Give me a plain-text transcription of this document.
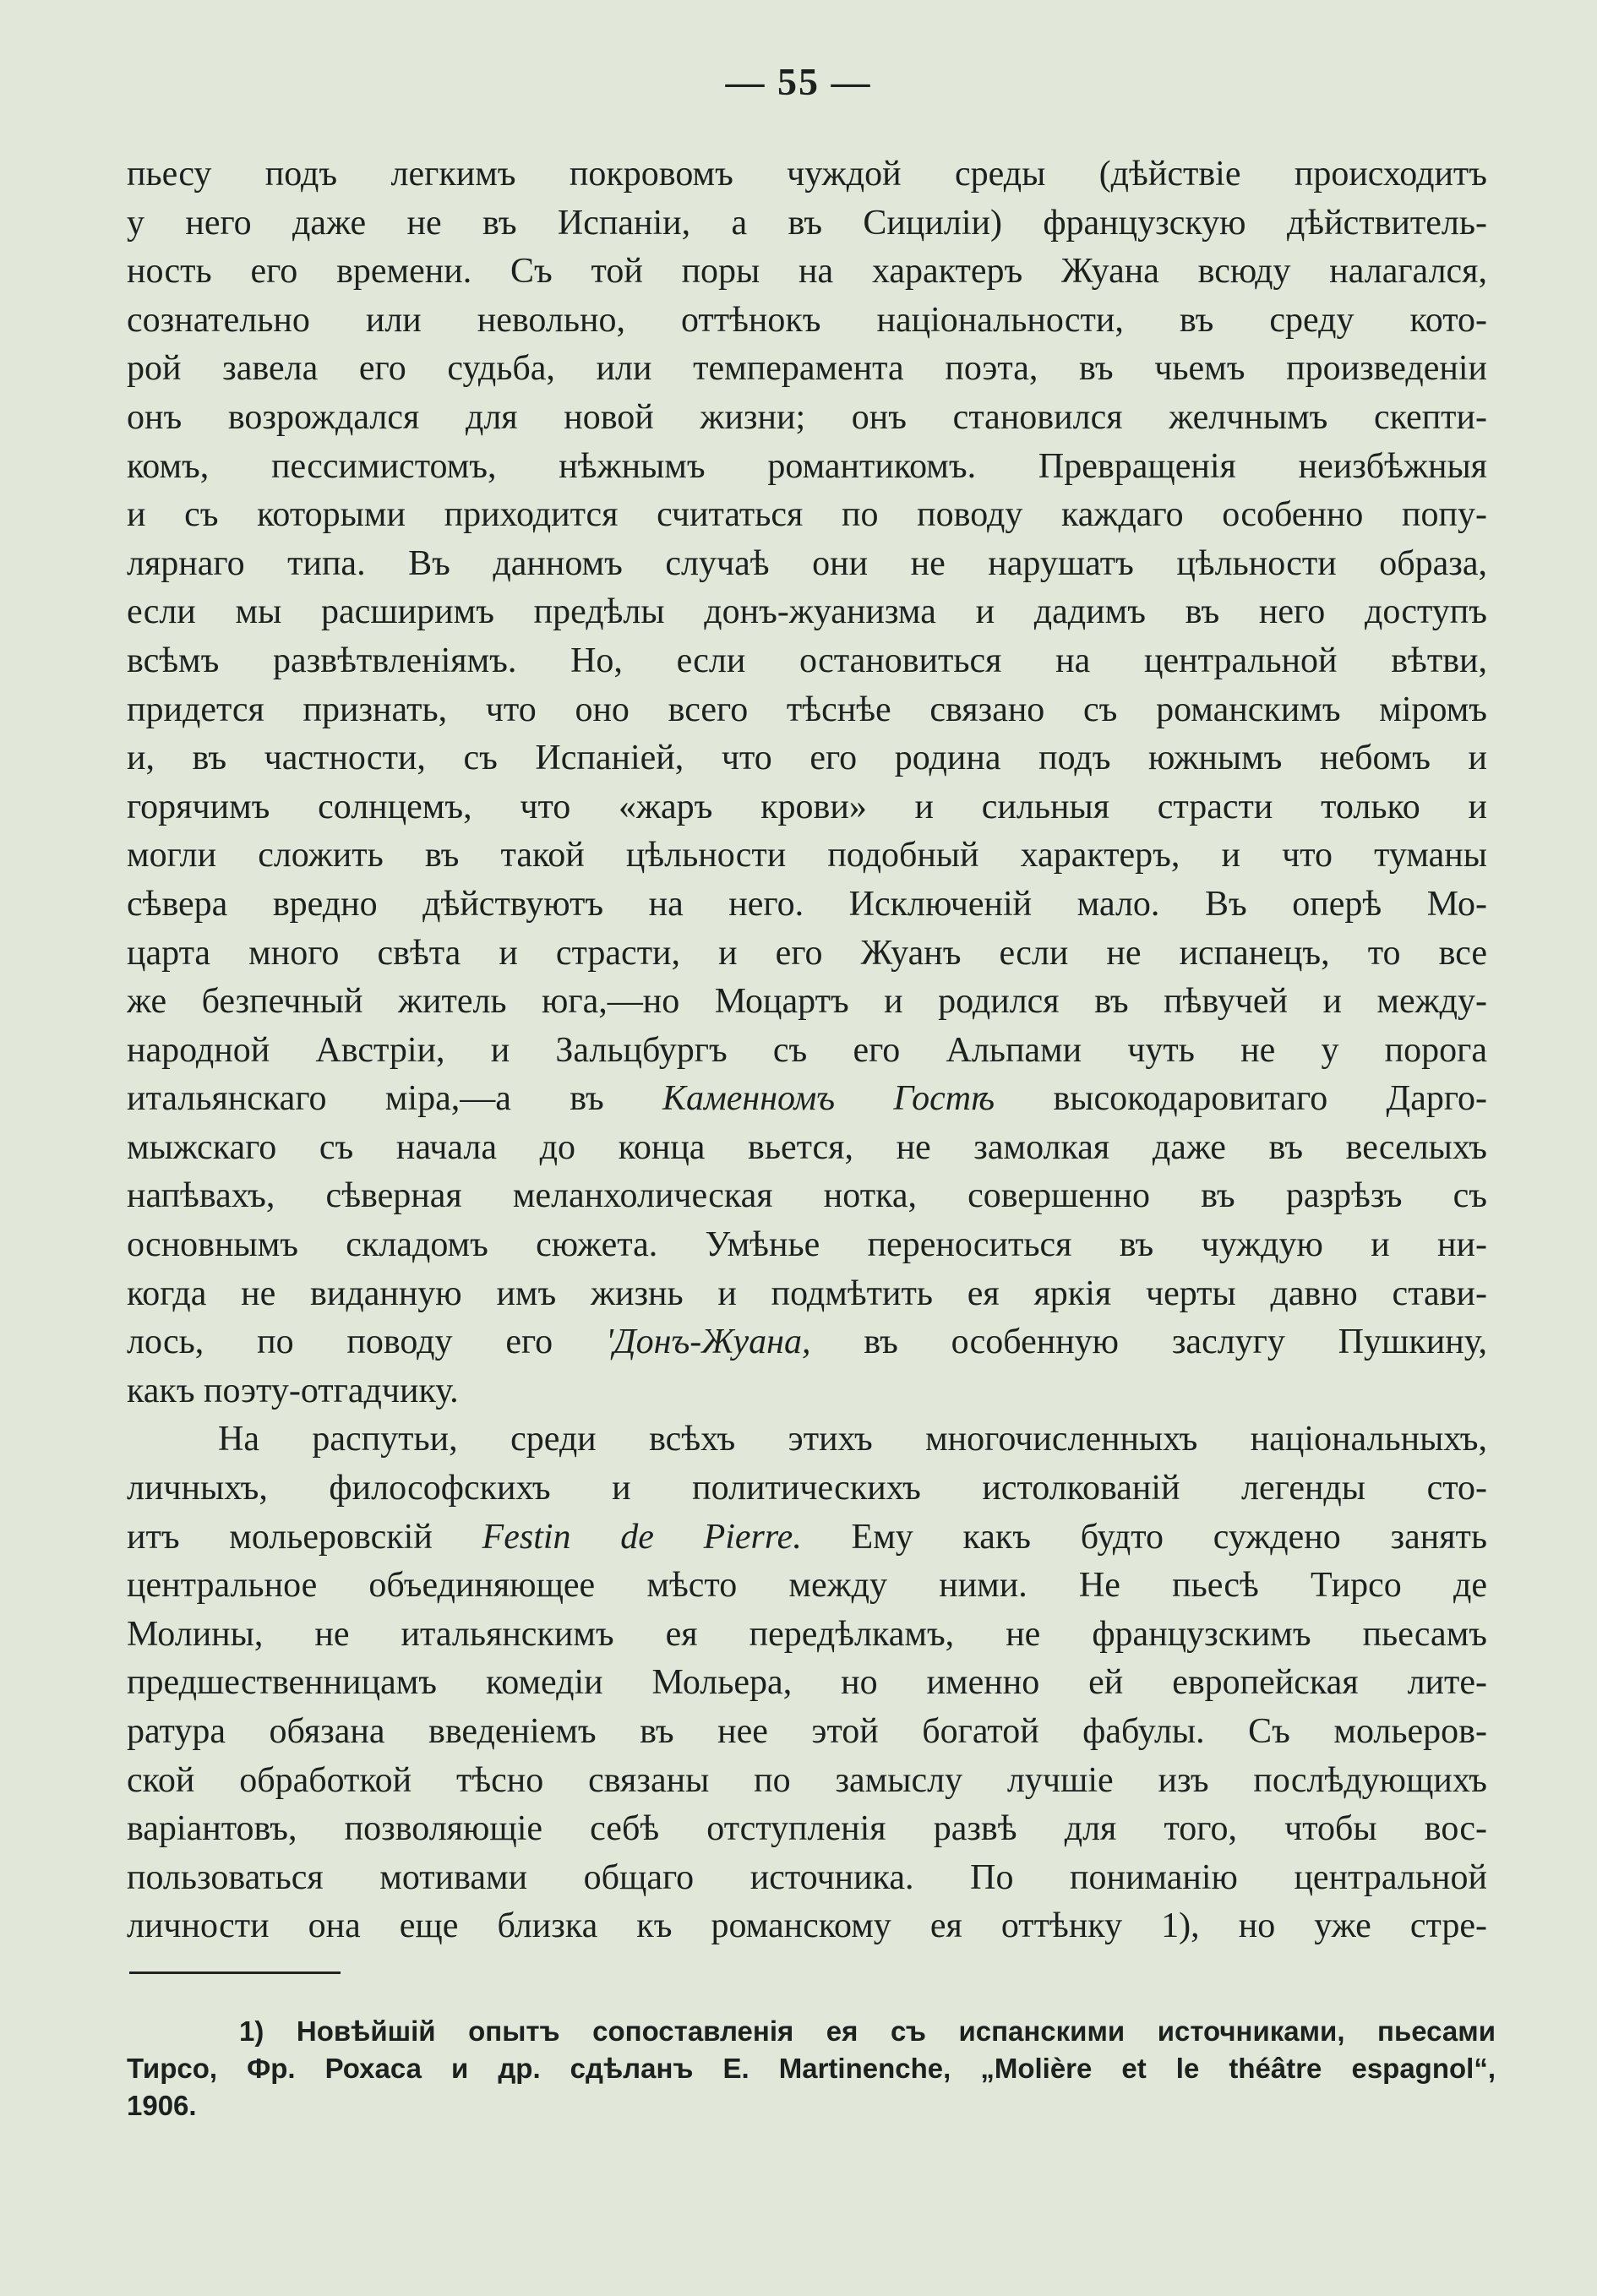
— 55 —
пьесу подъ легкимъ покровомъ чуждой среды (дѣйствіе происходитъ
у него даже не въ Испаніи, а въ Сициліи) французскую дѣйствитель-
ность его времени. Съ той поры на характеръ Жуана всюду налагался,
сознательно или невольно, оттѣнокъ національности, въ среду кото-
рой завела его судьба, или темперамента поэта, въ чьемъ произведеніи
онъ возрождался для новой жизни; онъ становился желчнымъ скепти-
комъ, пессимистомъ, нѣжнымъ романтикомъ. Превращенія неизбѣжныя
и съ которыми приходится считаться по поводу каждаго особенно попу-
лярнаго типа. Въ данномъ случаѣ они не нарушатъ цѣльности образа,
если мы расширимъ предѣлы донъ-жуанизма и дадимъ въ него доступъ
всѣмъ развѣтвленіямъ. Но, если остановиться на центральной вѣтви,
придется признать, что оно всего тѣснѣе связано съ романскимъ міромъ
и, въ частности, съ Испаніей, что его родина подъ южнымъ небомъ и
горячимъ солнцемъ, что «жаръ крови» и сильныя страсти только и
могли сложить въ такой цѣльности подобный характеръ, и что туманы
сѣвера вредно дѣйствуютъ на него. Исключеній мало. Въ оперѣ Мо-
царта много свѣта и страсти, и его Жуанъ если не испанецъ, то все
же безпечный житель юга,—но Моцартъ и родился въ пѣвучей и между-
народной Австріи, и Зальцбургъ съ его Альпами чуть не у порога
итальянскаго міра,—а въ Каменномъ Гостѣ высокодаровитаго Дарго-
мыжскаго съ начала до конца вьется, не замолкая даже въ веселыхъ
напѣвахъ, сѣверная меланхолическая нотка, совершенно въ разрѣзъ съ
основнымъ складомъ сюжета. Умѣнье переноситься въ чуждую и ни-
когда не виданную имъ жизнь и подмѣтить ея яркія черты давно стави-
лось, по поводу его 'Донъ-Жуана, въ особенную заслугу Пушкину,
какъ поэту-отгадчику.
На распутьи, среди всѣхъ этихъ многочисленныхъ національныхъ,
личныхъ, философскихъ и политическихъ истолкованій легенды сто-
итъ мольеровскій Festin de Pierre. Ему какъ будто суждено занять
центральное объединяющее мѣсто между ними. Не пьесѣ Тирсо де
Молины, не итальянскимъ ея передѣлкамъ, не французскимъ пьесамъ
предшественницамъ комедіи Мольера, но именно ей европейская лите-
ратура обязана введеніемъ въ нее этой богатой фабулы. Съ мольеров-
ской обработкой тѣсно связаны по замыслу лучшіе изъ послѣдующихъ
варіантовъ, позволяющіе себѣ отступленія развѣ для того, чтобы вос-
пользоваться мотивами общаго источника. По пониманію центральной
личности она еще близка къ романскому ея оттѣнку 1), но уже стре-
1) Новѣйшій опытъ сопоставленія ея съ испанскими источниками, пьесами
Тирсо, Фр. Рохаса и др. сдѣланъ E. Martinenche, „Molière et le théâtre espagnol“,
1906.
